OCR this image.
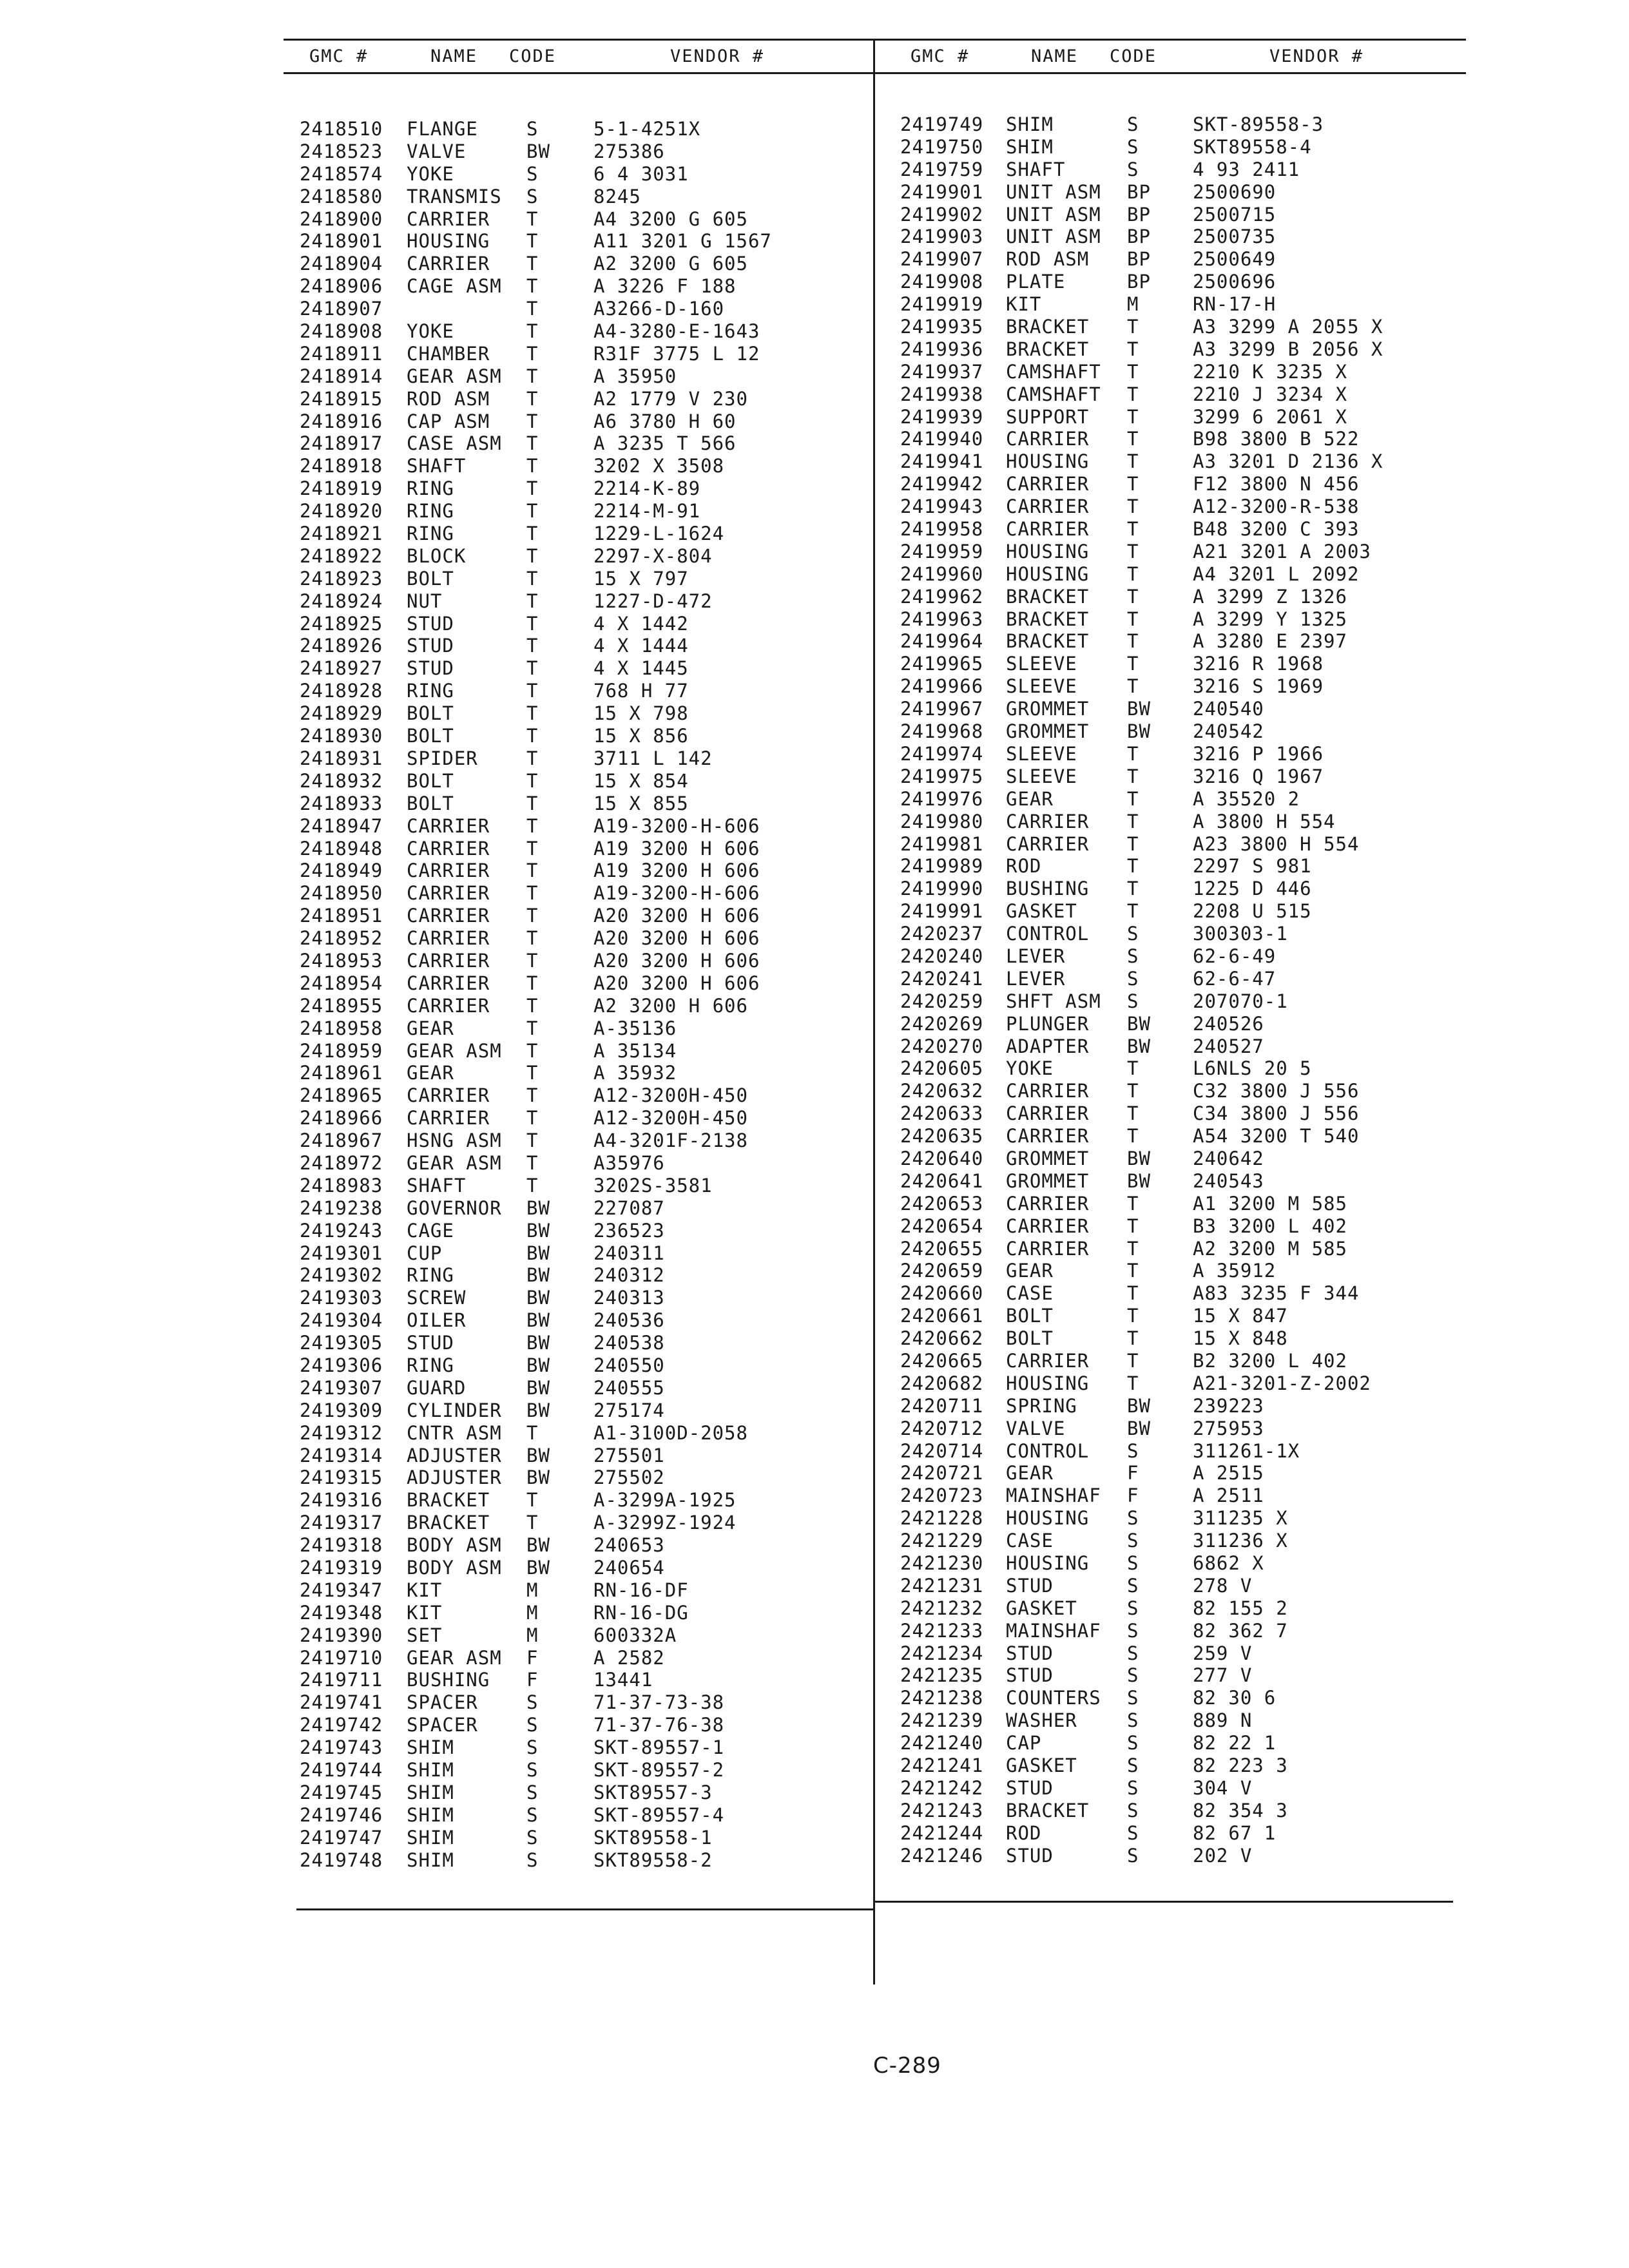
GMC #	NAME CODE	VENDOR #	GMC #	NAME CODE	VENDOR #
2418510 FLANGE	S	5-1-4251X
2418523 VALVE	BW 275386
2418574 YOKE	S	6 4 3031
2418580 TRANSMIS S	8245
2418900 CARRIER T	A4 3200 G 605
2418901 HOUSING T	A11 3201 G 1567
2418904 CARRIER T	A2 3200 G 605
2418906 CAGE ASM T	A 3226 F 188
2418907	T	A3266-D-160
2418908 YOKE	T	A4-3280-E-1643
2418911 CHAMBER T	R31F 3775 L 12
2418914 GEAR ASM T	A 35950
2418915 ROD ASM T	A2 1779 V 230
2418916 CAP ASM T	A6 3780 H 60
2418917 CASE ASM T	A 3235 T 566
2418918 SHAFT	T	3202 X 3508
2418919 RING	T	2214-K-89
2418920 RING	T	2214-M-91
2418921 RING	T	1229-L-1624
2418922 BLOCK	T	2297-X-804
2418923 BOLT	T	15 X 797
2418924 NUT	T	1227-D-472
2418925 STUD	T	4 X 1442
2418926 STUD	T	4 X 1444
2418927 STUD	T	4 X 1445
2418928 RING	T	768 H 77
2418929 BOLT	T	15 X 798
2418930 BOLT	T	15 X 856
2418931 SPIDER	T	3711 L 142
2418932 BOLT	T	15 X 854
2418933 BOLT	T	15 X 855
2418947 CARRIER T	A19-3200-H-606
2418948 CARRIER T	A19 3200 H 606
2418949 CARRIER T	A19 3200 H 606
2418950 CARRIER T	A19-3200-H-606
2418951 CARRIER T	A20 3200 H 606
2418952 CARRIER T	A20 3200 H 606
2418953 CARRIER T	A20 3200 H 606
2418954 CARRIER T	A20 3200 H 606
2418955 CARRIER T	A2 3200 H 606
2418958 GEAR	T	A-35136
2418959 GEAR ASM T	A 35134
2418961 GEAR	T	A 35932
2418965 CARRIER T	A12-3200H-450
2418966 CARRIER T	A12-3200H-450
2418967 HSNG ASM T	A4-3201F-2138
2418972 GEAR ASM T	A35976
2418983 SHAFT	T	3202S-3581
2419238 GOVERNOR BW 227087
2419243 CAGE	BW 236523
2419301 CUP	BW 240311
2419302 RING	BW 240312
2419303 SCREW	BW 240313
2419304 OILER	BW 240536
2419305 STUD	BW 240538
2419306 RING	BW 240550
2419307 GUARD	BW 240555
2419309 CYLINDER BW 275174
2419312 CNTR ASM T	A1-3100D-2058
2419314 ADJUSTER BW 275501
2419315 ADJUSTER BW 275502
2419316 BRACKET T	A-3299A-1925
2419317 BRACKET T	A-3299Z-1924
2419318 BODY ASM BW 240653
2419319 BODY ASM BW 240654
2419347 KIT	M	RN-16-DF
2419348 KIT	M	RN-16-DG
2419390 SET	M	600332A
2419710 GEAR ASM F	A 2582
2419711 BUSHING F	13441
2419741 SPACER	S	71-37-73-38
2419742 SPACER	S	71-37-76-38
2419743 SHIM	S	SKT-89557-1
2419744 SHIM	S	SKT-89557-2
2419745 SHIM	S	SKT89557-3
2419746 SHIM	S	SKT-89557-4
2419747 SHIM	S	SKT89558-1
2419748 SHIM	S	SKT89558-2
2419749 SHIM	S	SKT-89558-3
2419750 SHIM	S	SKT89558-4
2419759 SHAFT	S	4 93 2411
2419901 UNIT ASM BP 2500690
2419902 UNIT ASM BP 2500715
2419903 UNIT ASM BP 2500735
2419907 ROD ASM BP 2500649
2419908 PLATE	BP 2500696
2419919 KIT	M	RN-17-H
2419935 BRACKET T	A3 3299 A 2055 X
2419936 BRACKET T	A3 3299 B 2056 X
2419937 CAMSHAFT T	2210 K 3235 X
2419938 CAMSHAFT T	2210 J 3234 X
2419939 SUPPORT T	3299 6 2061 X
2419940 CARRIER T	B98 3800 B 522
2419941 HOUSING T	A3 3201 D 2136 X
2419942 CARRIER T	F12 3800 N 456
2419943 CARRIER T	A12-3200-R-538
2419958 CARRIER T	B48 3200 C 393
2419959 HOUSING T	A21 3201 A 2003
2419960 HOUSING T	A4 3201 L 2092
2419962 BRACKET T	A 3299 Z 1326
2419963 BRACKET T	A 3299 Y 1325
2419964 BRACKET T	A 3280 E 2397
2419965 SLEEVE	T	3216 R 1968
2419966 SLEEVE	T	3216 S 1969
2419967 GROMMET BW 240540
2419968 GROMMET BW 240542
2419974 SLEEVE	T	3216 P 1966
2419975 SLEEVE	T	3216 Q 1967
2419976 GEAR	T	A 35520 2
2419980 CARRIER T	A 3800 H 554
2419981 CARRIER T	A23 3800 H 554
2419989 ROD	T	2297 S 981
2419990 BUSHING T	1225 D 446
2419991 GASKET	T	2208 U 515
2420237 CONTROL S	300303-1
2420240 LEVER	S	62-6-49
2420241 LEVER	S	62-6-47
2420259 SHFT ASM S	207070-1
2420269 PLUNGER BW 240526
2420270 ADAPTER BW 240527
2420605 YOKE	T	L6NLS 20 5
2420632 CARRIER T	C32 3800 J 556
2420633 CARRIER T	C34 3800 J 556
2420635 CARRIER T	A54 3200 T 540
2420640 GROMMET BW 240642
2420641 GROMMET BW 240543
2420653 CARRIER T	A1 3200 M 585
2420654 CARRIER T	B3 3200 L 402
2420655 CARRIER T	A2 3200 M 585
2420659 GEAR	T	A 35912
2420660 CASE	T	A83 3235 F 344
2420661 BOLT	T	15 X 847
2420662 BOLT	T	15 X 848
2420665 CARRIER T	B2 3200 L 402
2420682 HOUSING T	A21-3201-Z-2002
2420711 SPRING	BW 239223
2420712 VALVE	BW 275953
2420714 CONTROL S	311261-1X
2420721 GEAR	F	A 2515
2420723 MAINSHAF F	A 2511
2421228 HOUSING S	311235 X
2421229 CASE	S	311236 X
2421230 HOUSING S	6862 X
2421231 STUD	S	278 V
2421232 GASKET	S	82 155 2
2421233 MAINSHAF S	82 362 7
2421234 STUD	S	259 V
2421235 STUD	S	277 V
2421238 COUNTERS S	82 30 6
2421239 WASHER	S	889 N
2421240 CAP	S	82 22 1
2421241 GASKET	S	82 223 3
2421242 STUD	S	304 V
2421243 BRACKET S	82 354 3
2421244 ROD	S	82 67 1
2421246 STUD	S	202 V
C-289
